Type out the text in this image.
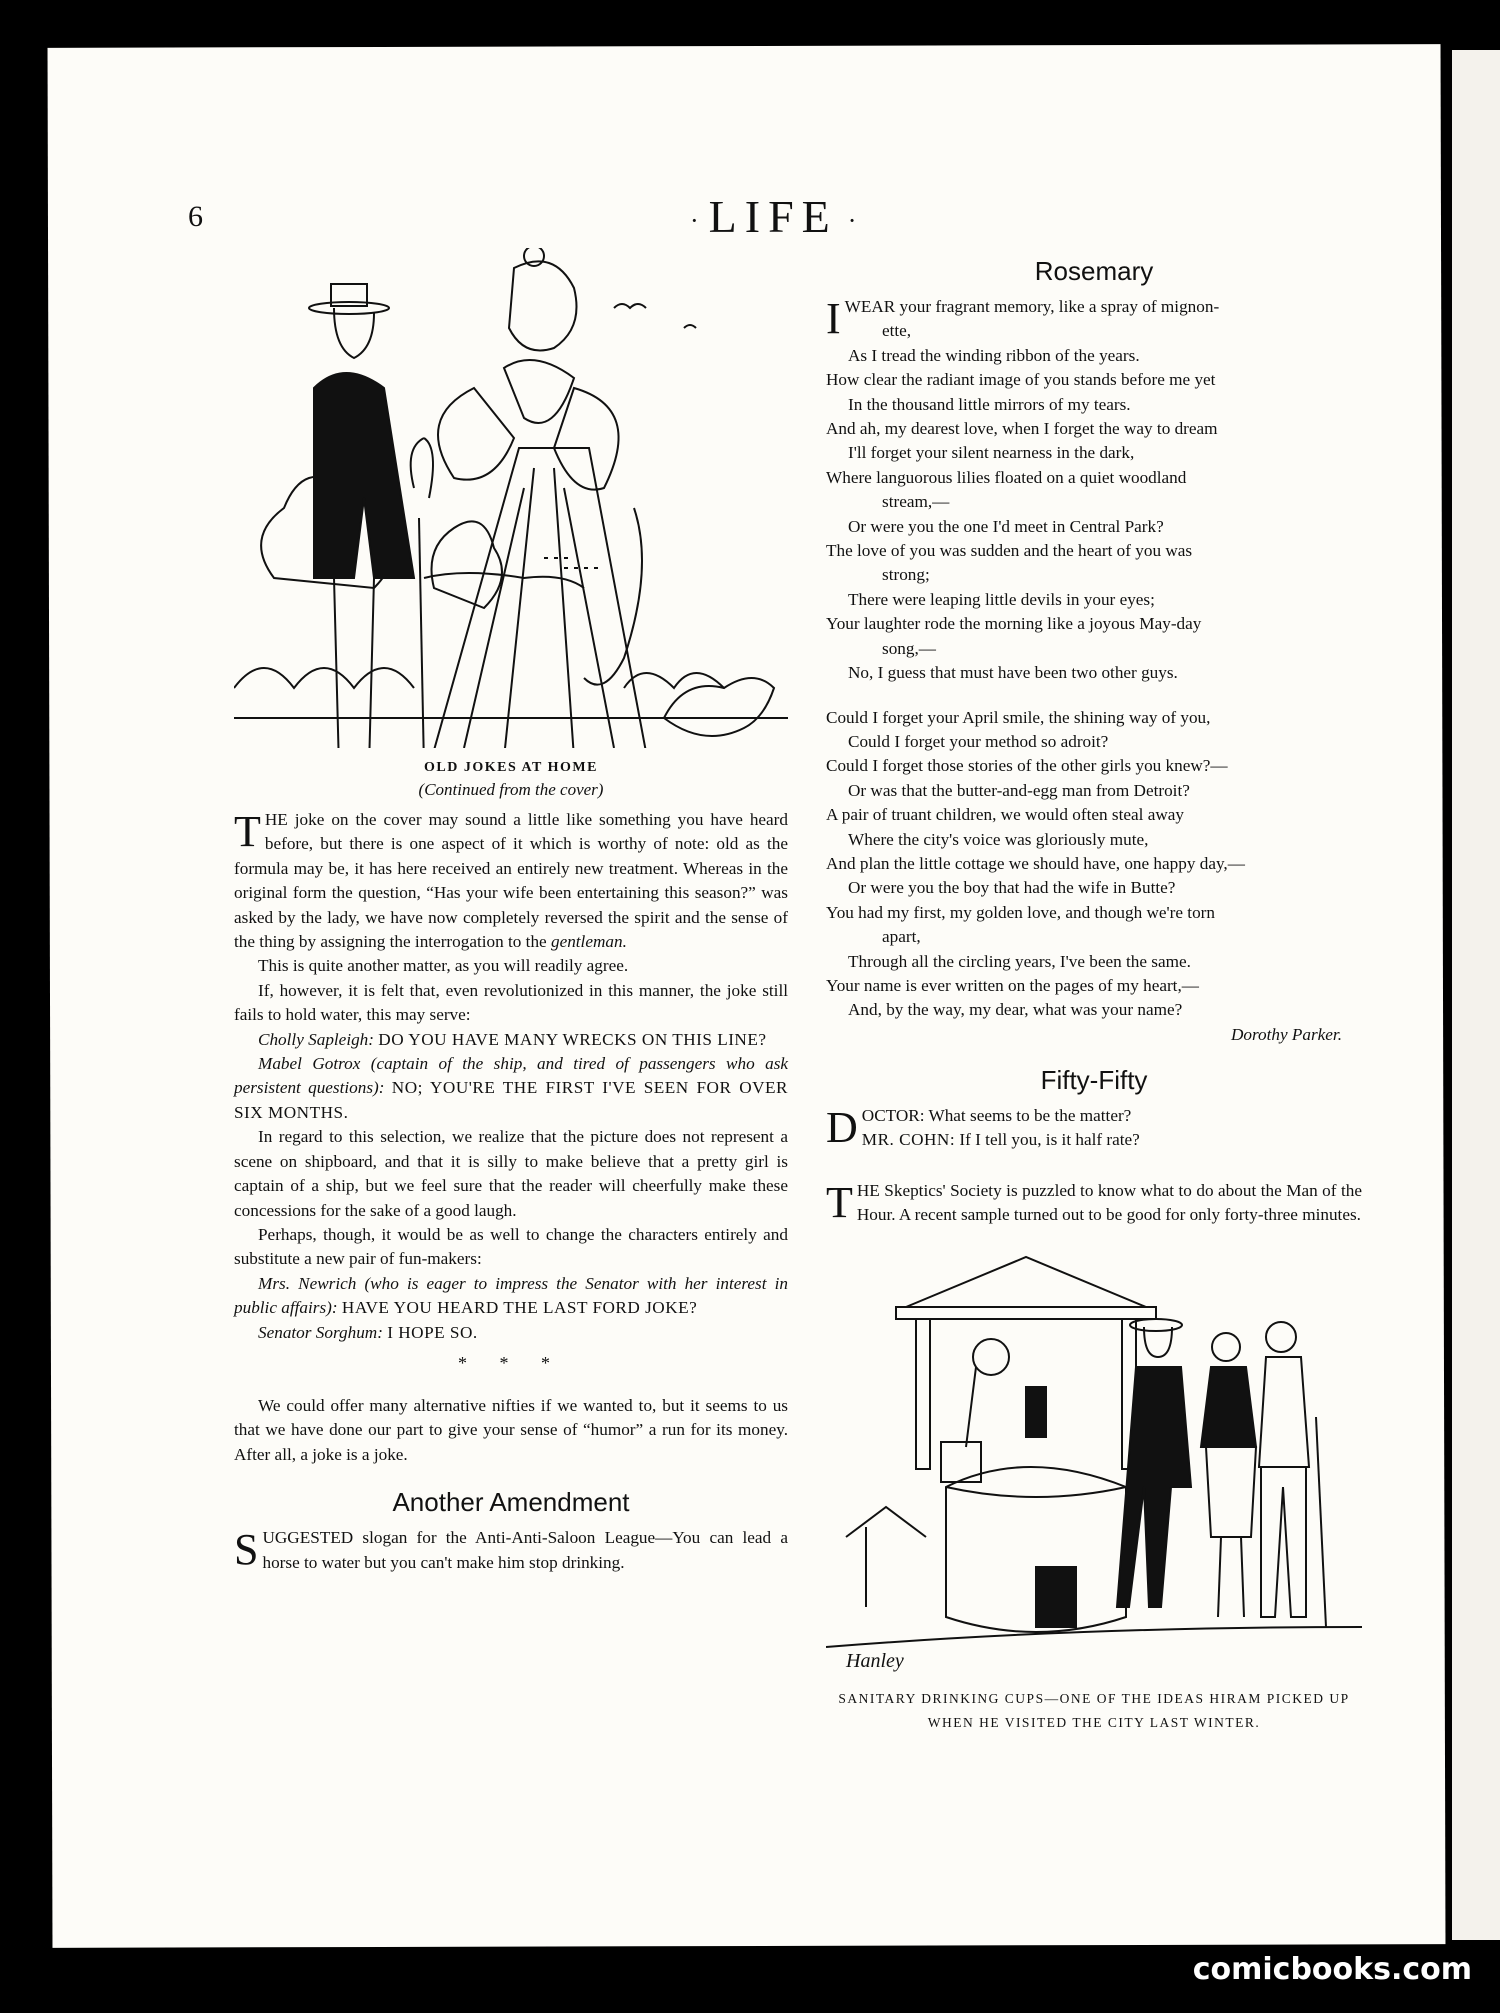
6	· LIFE ·
OLD JOKES AT HOME
(Continued from the cover)

THE joke on the cover may sound a little like something you have heard before, but there is one aspect of it which is worthy of note: old as the formula may be, it has here received an entirely new treatment. Whereas in the original form the question, “Has your wife been entertaining this season?” was asked by the lady, we have now completely reversed the spirit and the sense of the thing by assigning the interrogation to the gentleman.

This is quite another matter, as you will readily agree.

If, however, it is felt that, even revolutionized in this manner, the joke still fails to hold water, this may serve:

Cholly Sapleigh: DO YOU HAVE MANY WRECKS ON THIS LINE?

Mabel Gotrox (captain of the ship, and tired of passengers who ask persistent questions): NO; YOU'RE THE FIRST I'VE SEEN FOR OVER SIX MONTHS.

In regard to this selection, we realize that the picture does not represent a scene on shipboard, and that it is silly to make believe that a pretty girl is captain of a ship, but we feel sure that the reader will cheerfully make these concessions for the sake of a good laugh.

Perhaps, though, it would be as well to change the characters entirely and substitute a new pair of fun-makers:

Mrs. Newrich (who is eager to impress the Senator with her interest in public affairs): HAVE YOU HEARD THE LAST FORD JOKE?

Senator Sorghum: I HOPE SO.

* * *

We could offer many alternative nifties if we wanted to, but it seems to us that we have done our part to give your sense of “humor” a run for its money. After all, a joke is a joke.

Another Amendment

SUGGESTED slogan for the Anti-Anti-Saloon League—You can lead a horse to water but you can't make him stop drinking.

Rosemary
I WEAR your fragrant memory, like a spray of mignon-
ette,
As I tread the winding ribbon of the years.
How clear the radiant image of you stands before me yet
In the thousand little mirrors of my tears.
And ah, my dearest love, when I forget the way to dream
I'll forget your silent nearness in the dark,
Where languorous lilies floated on a quiet woodland
stream,—
Or were you the one I'd meet in Central Park?
The love of you was sudden and the heart of you was
strong;
There were leaping little devils in your eyes;
Your laughter rode the morning like a joyous May-day
song,—
No, I guess that must have been two other guys.
Could I forget your April smile, the shining way of you,
Could I forget your method so adroit?
Could I forget those stories of the other girls you knew?—
Or was that the butter-and-egg man from Detroit?
A pair of truant children, we would often steal away
Where the city's voice was gloriously mute,
And plan the little cottage we should have, one happy day,—
Or were you the boy that had the wife in Butte?
You had my first, my golden love, and though we're torn
apart,
Through all the circling years, I've been the same.
Your name is ever written on the pages of my heart,—
And, by the way, my dear, what was your name?
Dorothy Parker.
Fifty-Fifty

DOCTOR: What seems to be the matter?
MR. COHN: If I tell you, is it half rate?

THE Skeptics' Society is puzzled to know what to do about the Man of the Hour. A recent sample turned out to be good for only forty-three minutes.

Hanley
SANITARY DRINKING CUPS—ONE OF THE IDEAS HIRAM PICKED UP
WHEN HE VISITED THE CITY LAST WINTER.
comicbooks.com
